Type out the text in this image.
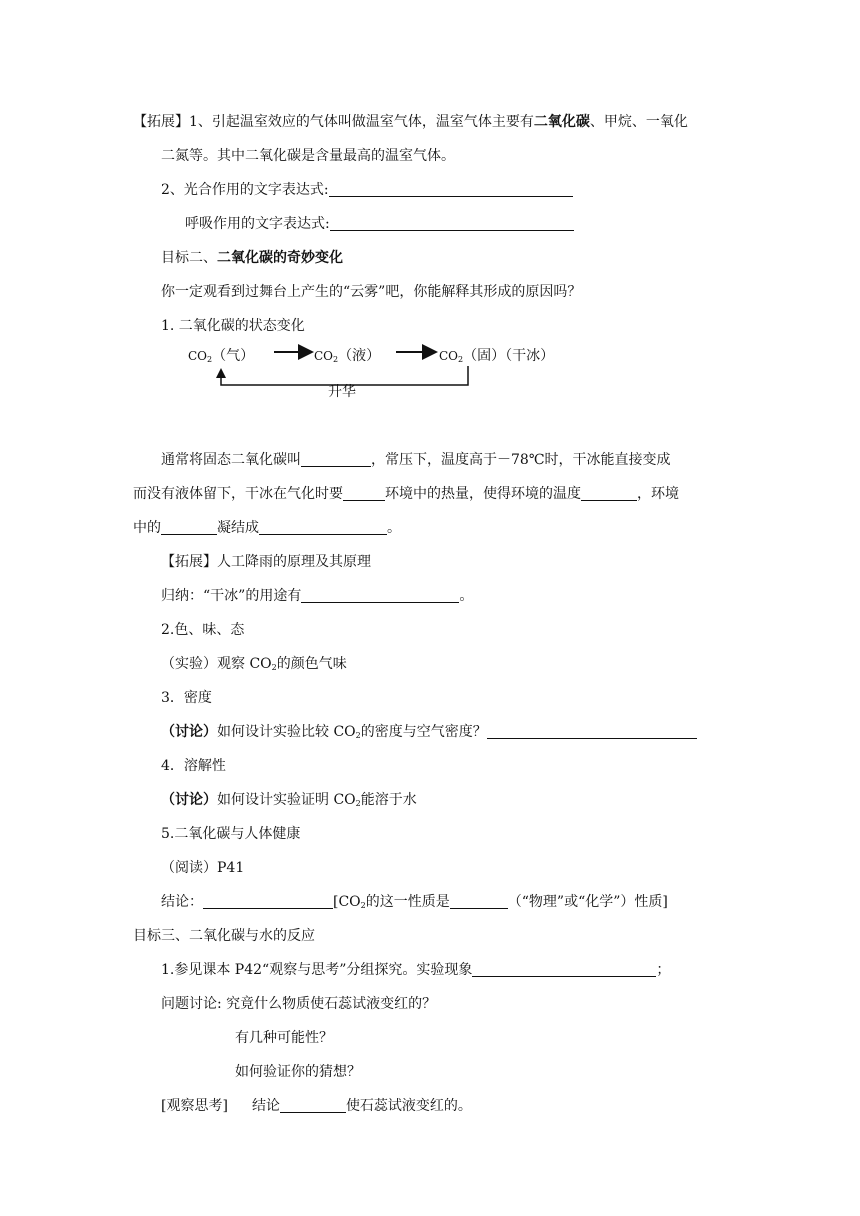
【拓展】1、引起温室效应的气体叫做温室气体，温室气体主要有二氧化碳、甲烷、一氧化
二氮等。其中二氧化碳是含量最高的温室气体。
2、光合作用的文字表达式:
呼吸作用的文字表达式:
目标二、二氧化碳的奇妙变化
你一定观看到过舞台上产生的“云雾”吧，你能解释其形成的原因吗？
1. 二氧化碳的状态变化
$CO_2$（气）	$CO_2$（液）	$CO_2$（固）（干冰）
升华
通常将固态二氧化碳叫	，常压下，温度高于－78℃时，干冰能直接变成
而没有液体留下，干冰在气化时要	环境中的热量，使得环境的温度	，环境
中的	凝结成	。
【拓展】人工降雨的原理及其原理
归纳：“干冰”的用途有	。
2.色、味、态
（实验）观察 $CO_2$的颜色气味
3．密度
（讨论）如何设计实验比较 $CO_2$的密度与空气密度？
4．溶解性
（讨论）如何设计实验证明 $CO_2$能溶于水
5.二氧化碳与人体健康
（阅读）P41
结论：	[$CO_2$的这一性质是	（“物理”或“化学”）性质]
目标三、二氧化碳与水的反应
1.参见课本 P42“观察与思考”分组探究。实验现象	；
问题讨论: 究竟什么物质使石蕊试液变红的？
有几种可能性？
如何验证你的猜想？
[观察思考] 结论	使石蕊试液变红的。
